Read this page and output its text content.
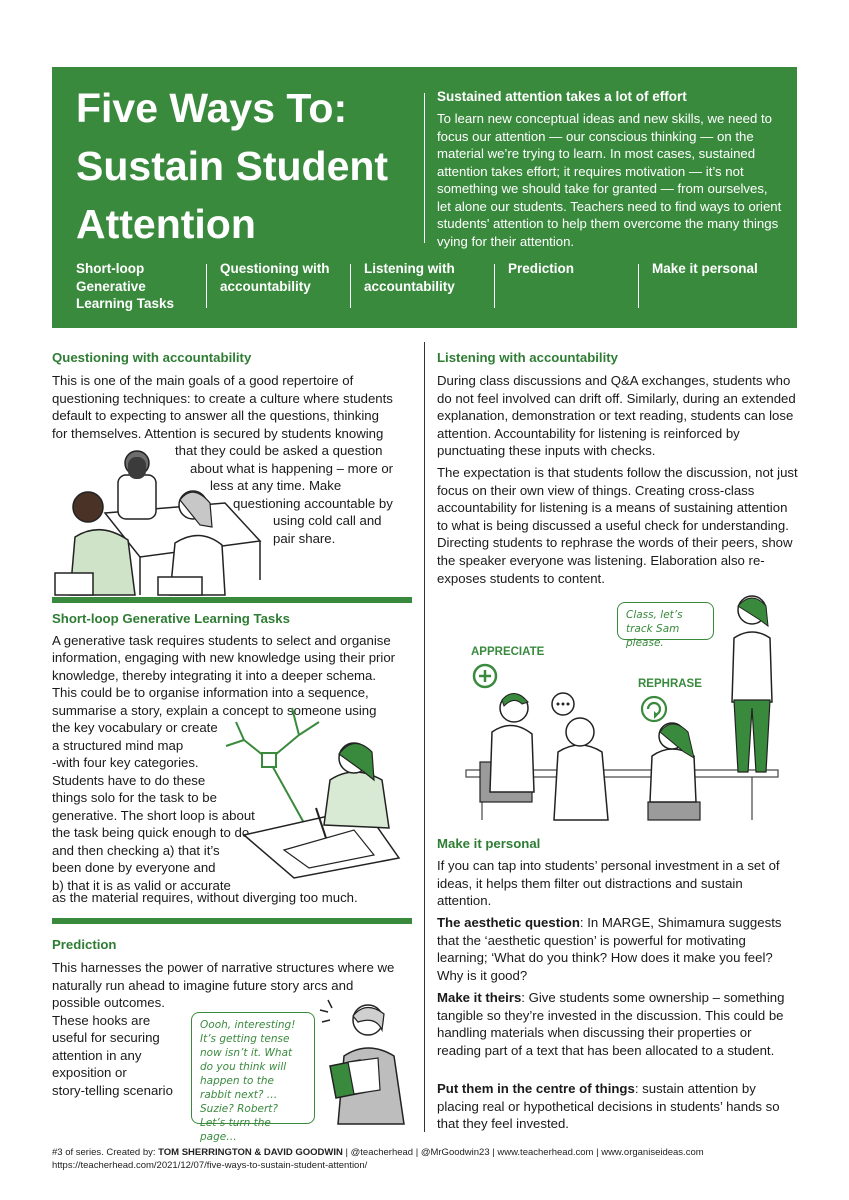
Five Ways To:
Sustain Student
Attention
Sustained attention takes a lot of effort

To learn new conceptual ideas and new skills, we need to focus our attention — our conscious thinking — on the material we’re trying to learn. In most cases, sustained attention takes effort; it requires motivation — it’s not something we should take for granted — from ourselves, let alone our students. Teachers need to find ways to orient students' attention to help them overcome the many things vying for their attention.

Short-loop Generative Learning Tasks
Questioning with accountability
Listening with accountability
Prediction	Make it personal
Questioning with accountability
This is one of the main goals of a good repertoire of
questioning techniques: to create a culture where students
default to expecting to answer all the questions, thinking
for themselves. Attention is secured by students knowing
that they could be asked a question
about what is happening – more or
less at any time. Make
questioning accountable by
using cold call and
pair share.
Short-loop Generative Learning Tasks
A generative task requires students to select and organise
information, engaging with new knowledge using their prior
knowledge, thereby integrating it into a deeper schema.
This could be to organise information into a sequence,
summarise a story, explain a concept to someone using
the key vocabulary or create
a structured mind map
-with four key categories.
Students have to do these
things solo for the task to be
generative. The short loop is about
the task being quick enough to do
and then checking a) that it’s
been done by everyone and
b) that it is as valid or accurate
as the material requires, without diverging too much.
Prediction
This harnesses the power of narrative structures where we
naturally run ahead to imagine future story arcs and
possible outcomes.
These hooks are
useful for securing
attention in any
exposition or
story-telling scenario
Oooh, interesting! It’s getting tense now isn’t it. What do you think will happen to the rabbit next? … Suzie? Robert? Let’s turn the page…
Listening with accountability

During class discussions and Q&A exchanges, students who do not feel involved can drift off. Similarly, during an extended explanation, demonstration or text reading, students can lose attention. Accountability for listening is reinforced by punctuating these inputs with checks.

The expectation is that students follow the discussion, not just focus on their own view of things. Creating cross-class accountability for listening is a means of sustaining attention to what is being discussed a useful check for understanding. Directing students to rephrase the words of their peers, show the speaker everyone was listening. Elaboration also re-exposes students to content.

Class, let’s track Sam please.
APPRECIATE
REPHRASE
Make it personal

If you can tap into students’ personal investment in a set of ideas, it helps them filter out distractions and sustain attention.

The aesthetic question: In MARGE, Shimamura suggests that the ‘aesthetic question’ is powerful for motivating learning; ‘What do you think? How does it make you feel? Why is it good?

Make it theirs: Give students some ownership – something tangible so they’re invested in the discussion. This could be handling materials when discussing their properties or reading part of a text that has been allocated to a student.

Put them in the centre of things: sustain attention by placing real or hypothetical decisions in students’ hands so that they feel invested.

#3 of series. Created by: TOM SHERRINGTON & DAVID GOODWIN | @teacherhead | @MrGoodwin23 | www.teacherhead.com | www.organiseideas.com
https://teacherhead.com/2021/12/07/five-ways-to-sustain-student-attention/
